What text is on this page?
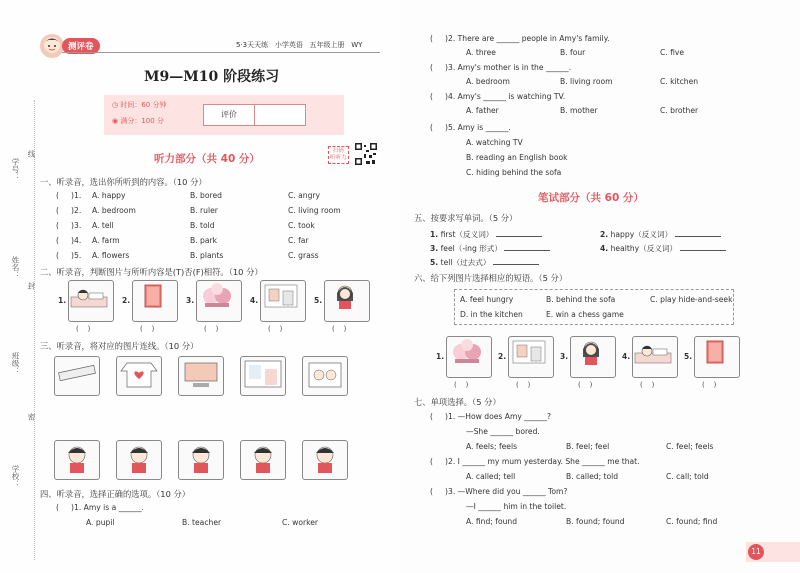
测评卷	5·3天天练 小学英语 五年级上册 WY
M9—M10 阶段练习
◷ 时间：60 分钟
◉ 满分：100 分
评价
扫码
听听力
听力部分（共 40 分）
学号：
线
姓名：
封
班级：
密
学校：
一、听录音，选出你所听到的内容。（10 分）
(     )1. A. happy	B. bored	C. angry
(     )2. A. bedroom	B. ruler	C. living room
(     )3. A. tell	B. told	C. took
(     )4. A. farm	B. park	C. far
(     )5. A. flowers	B. plants	C. grass
二、听录音，判断图片与所听内容是(T)否(F)相符。（10 分）
1.
(    )
2.
(    )
3.
(    )
4.
(    )
5.
(    )
三、听录音，将对应的图片连线。（10 分）
四、听录音，选择正确的选项。（10 分）
(     )1. Amy is a ______.
A. pupil	B. teacher	C. worker
(     )2. There are ______ people in Amy's family.
A. three	B. four	C. five
(     )3. Amy's mother is in the ______.
A. bedroom	B. living room	C. kitchen
(     )4. Amy's ______ is watching TV.
A. father	B. mother	C. brother
(     )5. Amy is ______.
A. watching TV
B. reading an English book
C. hiding behind the sofa
笔试部分（共 60 分）
五、按要求写单词。（5 分）
1. first（反义词）	2. happy（反义词）
3. feel（-ing 形式）	4. healthy（反义词）
5. tell（过去式）
六、给下列图片选择相应的短语。（5 分）
A. feel hungry	B. behind the sofa	C. play hide-and-seek
D. in the kitchen	E. win a chess game
1.
(    )
2.
(    )
3.
(    )
4.
(    )
5.
(    )
七、单项选择。（5 分）
(     )1. —How does Amy ______?
—She ______ bored.
A. feels; feels	B. feel; feel	C. feel; feels
(     )2. I ______ my mum yesterday. She ______ me that.
A. called; tell	B. called; told	C. call; told
(     )3. —Where did you ______ Tom?
—I ______ him in the toilet.
A. find; found	B. found; found	C. found; find
11
